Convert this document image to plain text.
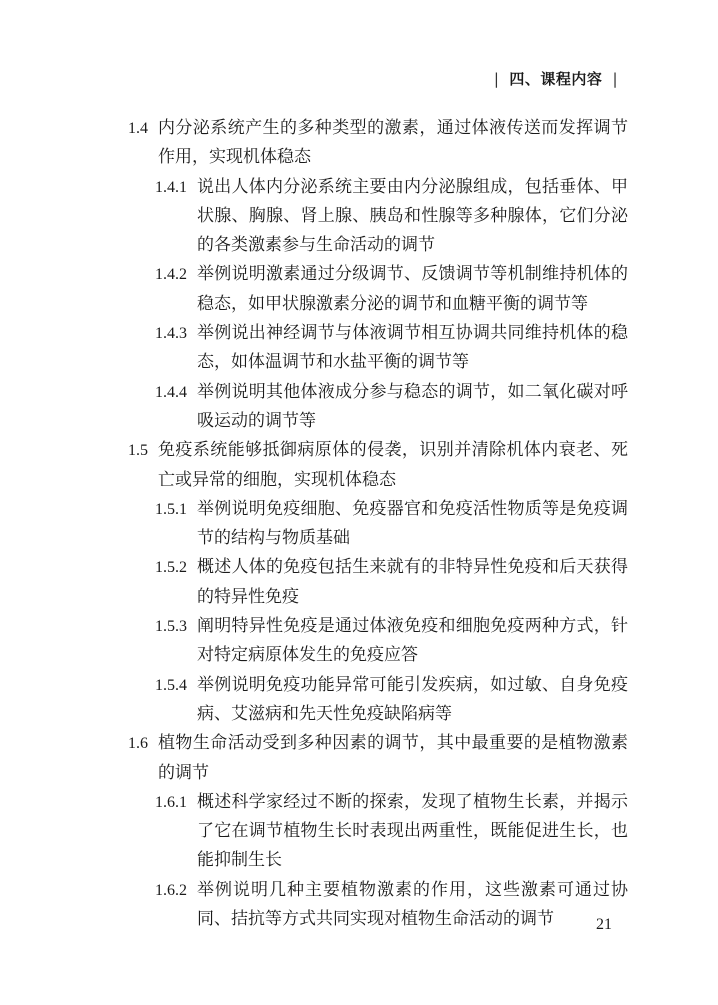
| 四、课程内容 |
1.4 内分泌系统产生的多种类型的激素，通过体液传送而发挥调节作用，实现机体稳态
1.4.1 说出人体内分泌系统主要由内分泌腺组成，包括垂体、甲状腺、胸腺、肾上腺、胰岛和性腺等多种腺体，它们分泌的各类激素参与生命活动的调节
1.4.2 举例说明激素通过分级调节、反馈调节等机制维持机体的稳态，如甲状腺激素分泌的调节和血糖平衡的调节等
1.4.3 举例说出神经调节与体液调节相互协调共同维持机体的稳态，如体温调节和水盐平衡的调节等
1.4.4 举例说明其他体液成分参与稳态的调节，如二氧化碳对呼吸运动的调节等
1.5 免疫系统能够抵御病原体的侵袭，识别并清除机体内衰老、死亡或异常的细胞，实现机体稳态
1.5.1 举例说明免疫细胞、免疫器官和免疫活性物质等是免疫调节的结构与物质基础
1.5.2 概述人体的免疫包括生来就有的非特异性免疫和后天获得的特异性免疫
1.5.3 阐明特异性免疫是通过体液免疫和细胞免疫两种方式，针对特定病原体发生的免疫应答
1.5.4 举例说明免疫功能异常可能引发疾病，如过敏、自身免疫病、艾滋病和先天性免疫缺陷病等
1.6 植物生命活动受到多种因素的调节，其中最重要的是植物激素的调节
1.6.1 概述科学家经过不断的探索，发现了植物生长素，并揭示了它在调节植物生长时表现出两重性，既能促进生长，也能抑制生长
1.6.2 举例说明几种主要植物激素的作用，这些激素可通过协同、拮抗等方式共同实现对植物生命活动的调节	21
